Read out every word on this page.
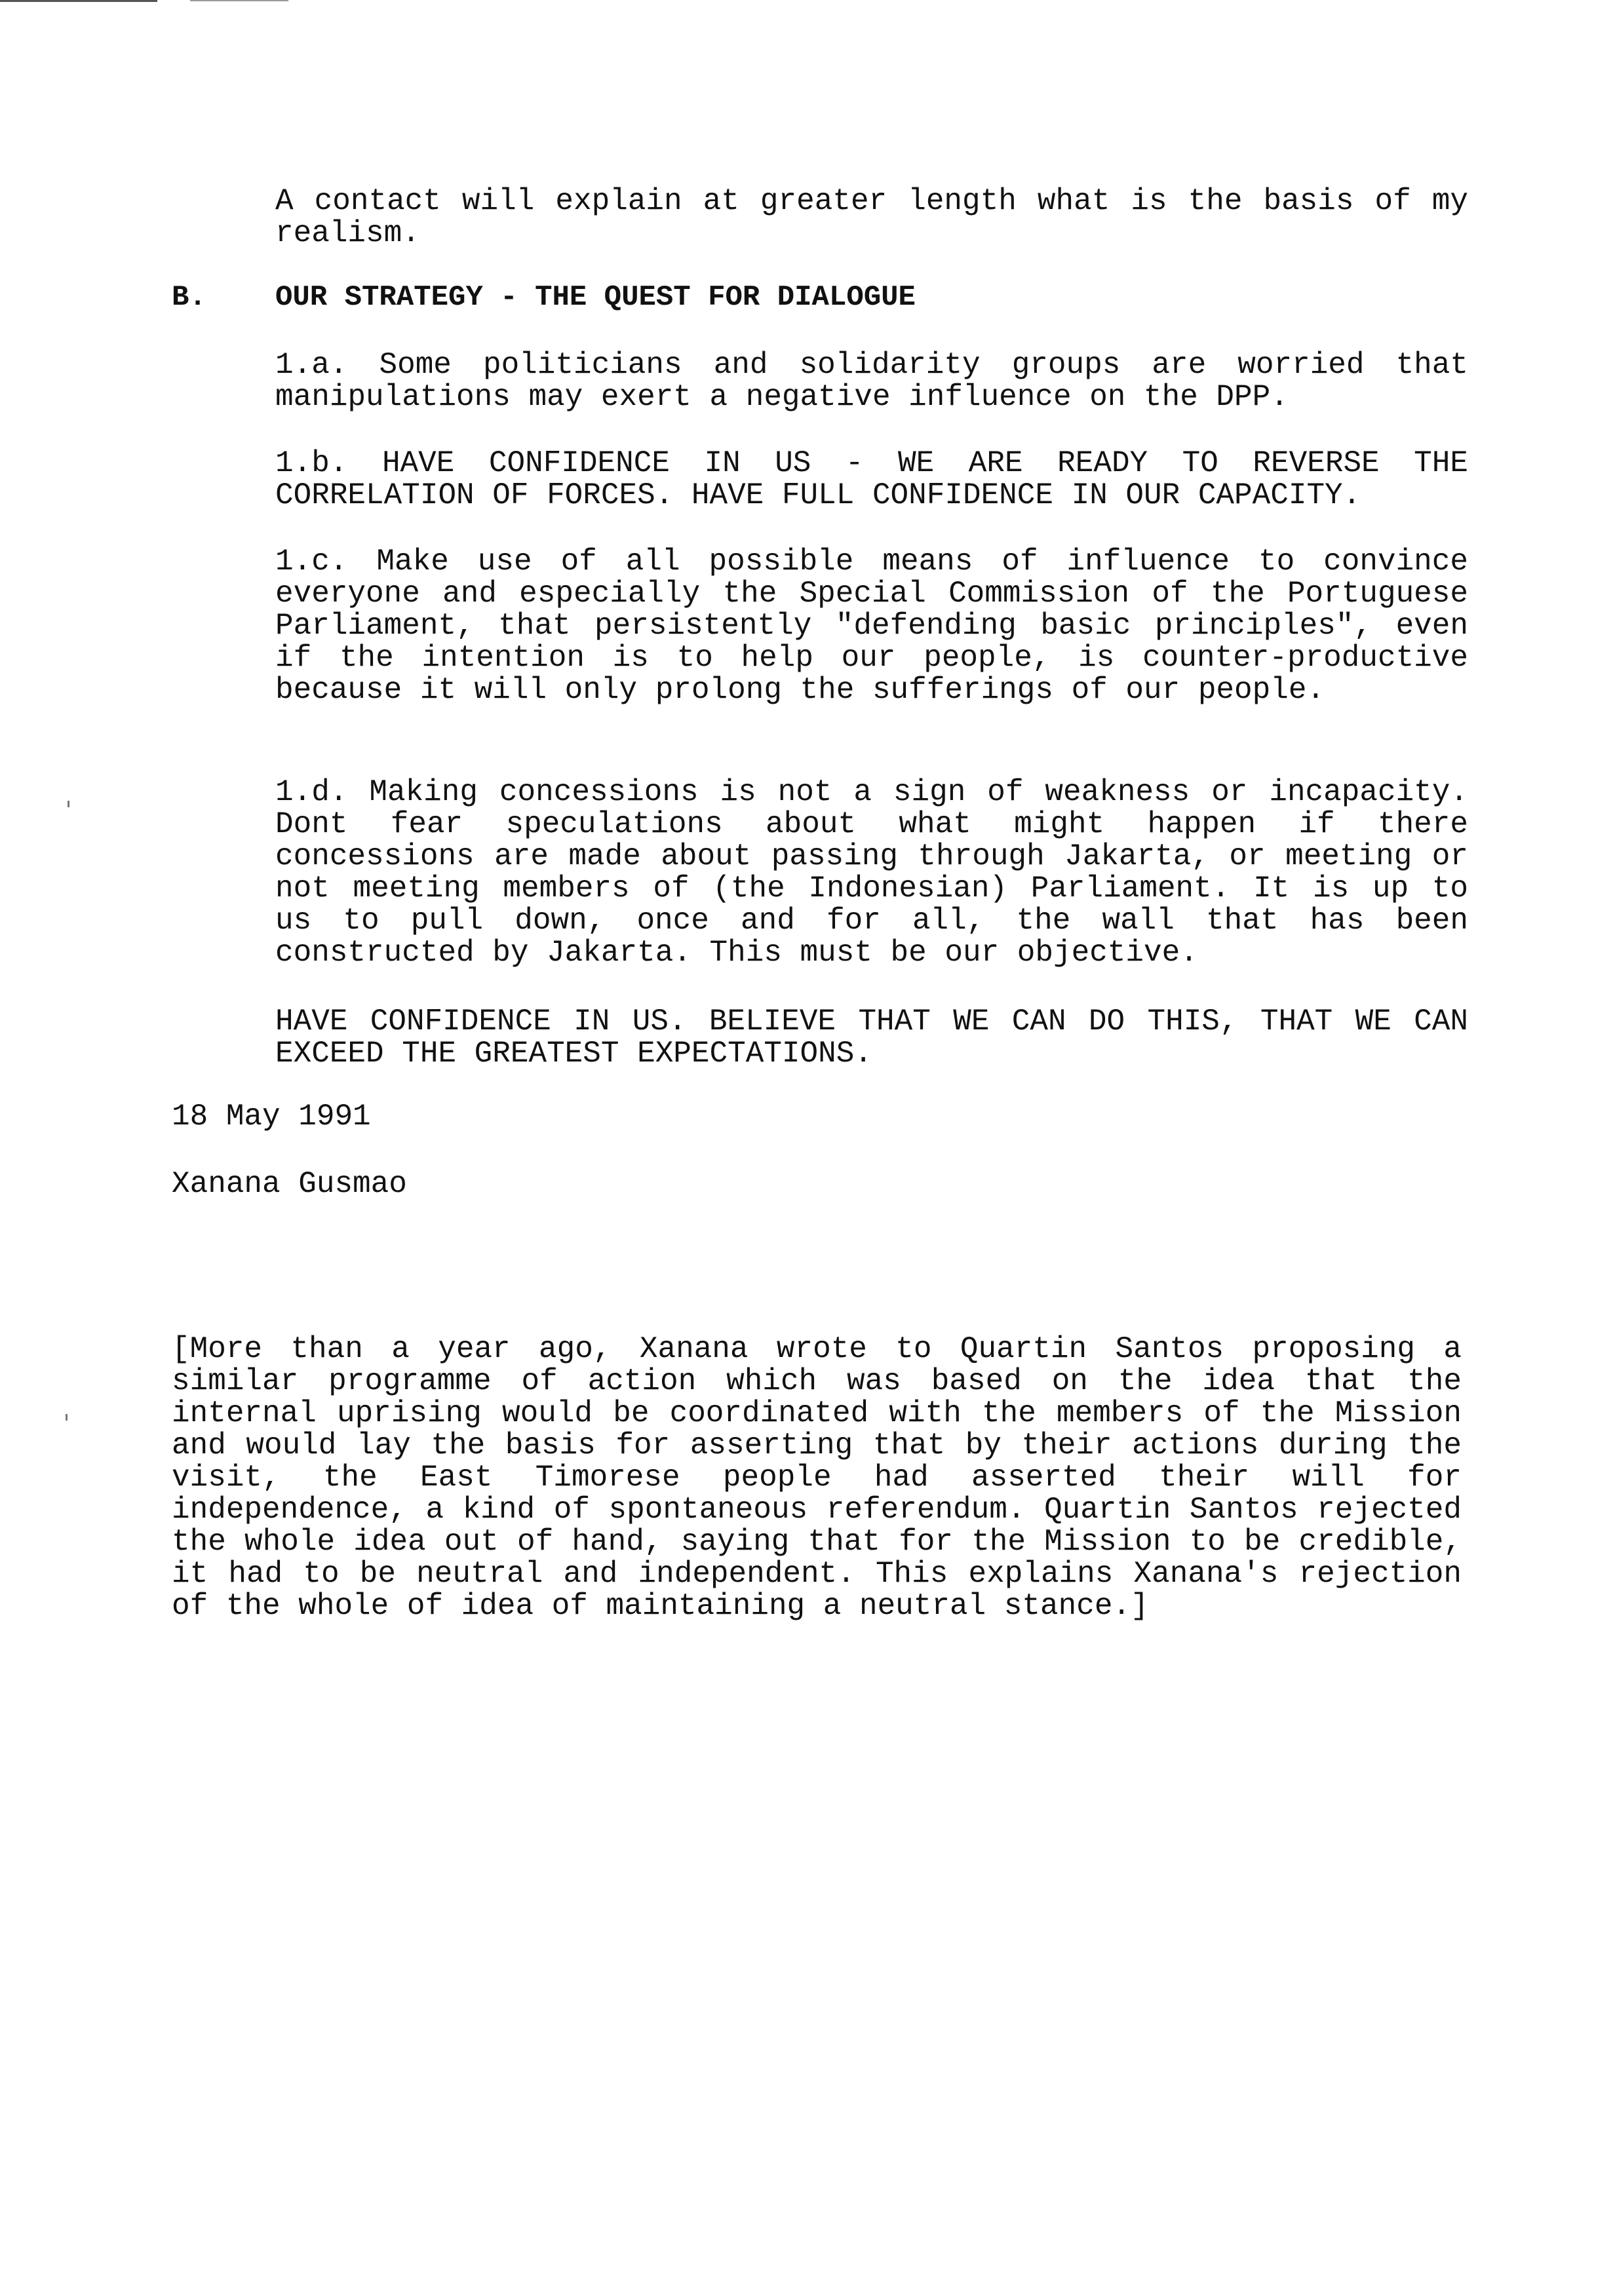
A contact will explain at greater length what is the basis of my realism.

B. OUR STRATEGY - THE QUEST FOR DIALOGUE

1.a. Some politicians and solidarity groups are worried that manipulations may exert a negative influence on the DPP.

1.b. HAVE CONFIDENCE IN US - WE ARE READY TO REVERSE THE CORRELATION OF FORCES. HAVE FULL CONFIDENCE IN OUR CAPACITY.

1.c. Make use of all possible means of influence to convince everyone and especially the Special Commission of the Portuguese Parliament, that persistently "defending basic principles", even if the intention is to help our people, is counter-productive because it will only prolong the sufferings of our people.

1.d. Making concessions is not a sign of weakness or incapacity. Dont fear speculations about what might happen if there concessions are made about passing through Jakarta, or meeting or not meeting members of (the Indonesian) Parliament. It is up to us to pull down, once and for all, the wall that has been constructed by Jakarta. This must be our objective.

HAVE CONFIDENCE IN US. BELIEVE THAT WE CAN DO THIS, THAT WE CAN EXCEED THE GREATEST EXPECTATIONS.

18 May 1991

Xanana Gusmao

[More than a year ago, Xanana wrote to Quartin Santos proposing a similar programme of action which was based on the idea that the internal uprising would be coordinated with the members of the Mission and would lay the basis for asserting that by their actions during the visit, the East Timorese people had asserted their will for independence, a kind of spontaneous referendum. Quartin Santos rejected the whole idea out of hand, saying that for the Mission to be credible, it had to be neutral and independent. This explains Xanana's rejection of the whole of idea of maintaining a neutral stance.]
